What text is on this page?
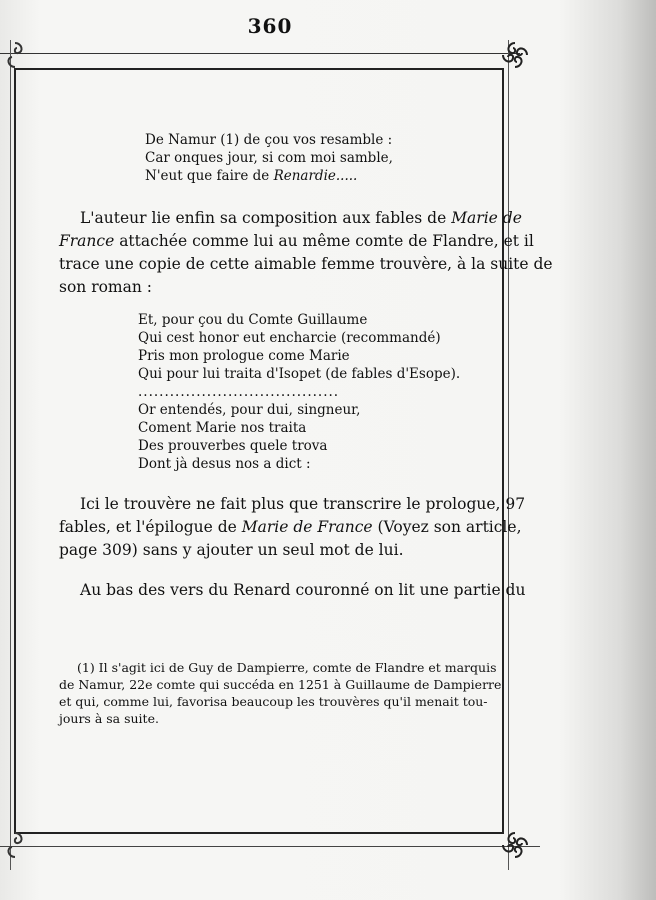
360
De Namur (1) de çou vos resamble :
Car onques jour, si com moi samble,
N'eut que faire de Renardie.....
L'auteur lie enfin sa composition aux fables de Marie de
France attachée comme lui au même comte de Flandre, et il
trace une copie de cette aimable femme trouvère, à la suite de
son roman :
Et, pour çou du Comte Guillaume
Qui cest honor eut encharcie (recommandé)
Pris mon prologue come Marie
Qui pour lui traita d'Isopet (de fables d'Esope).
......................................
Or entendés, pour dui, singneur,
Coment Marie nos traita
Des prouverbes quele trova
Dont jà desus nos a dict :
Ici le trouvère ne fait plus que transcrire le prologue, 97
fables, et l'épilogue de Marie de France (Voyez son article,
page 309) sans y ajouter un seul mot de lui.
Au bas des vers du Renard couronné on lit une partie du
(1) Il s'agit ici de Guy de Dampierre, comte de Flandre et marquis
de Namur, 22e comte qui succéda en 1251 à Guillaume de Dampierre
et qui, comme lui, favorisa beaucoup les trouvères qu'il menait tou-
jours à sa suite.
